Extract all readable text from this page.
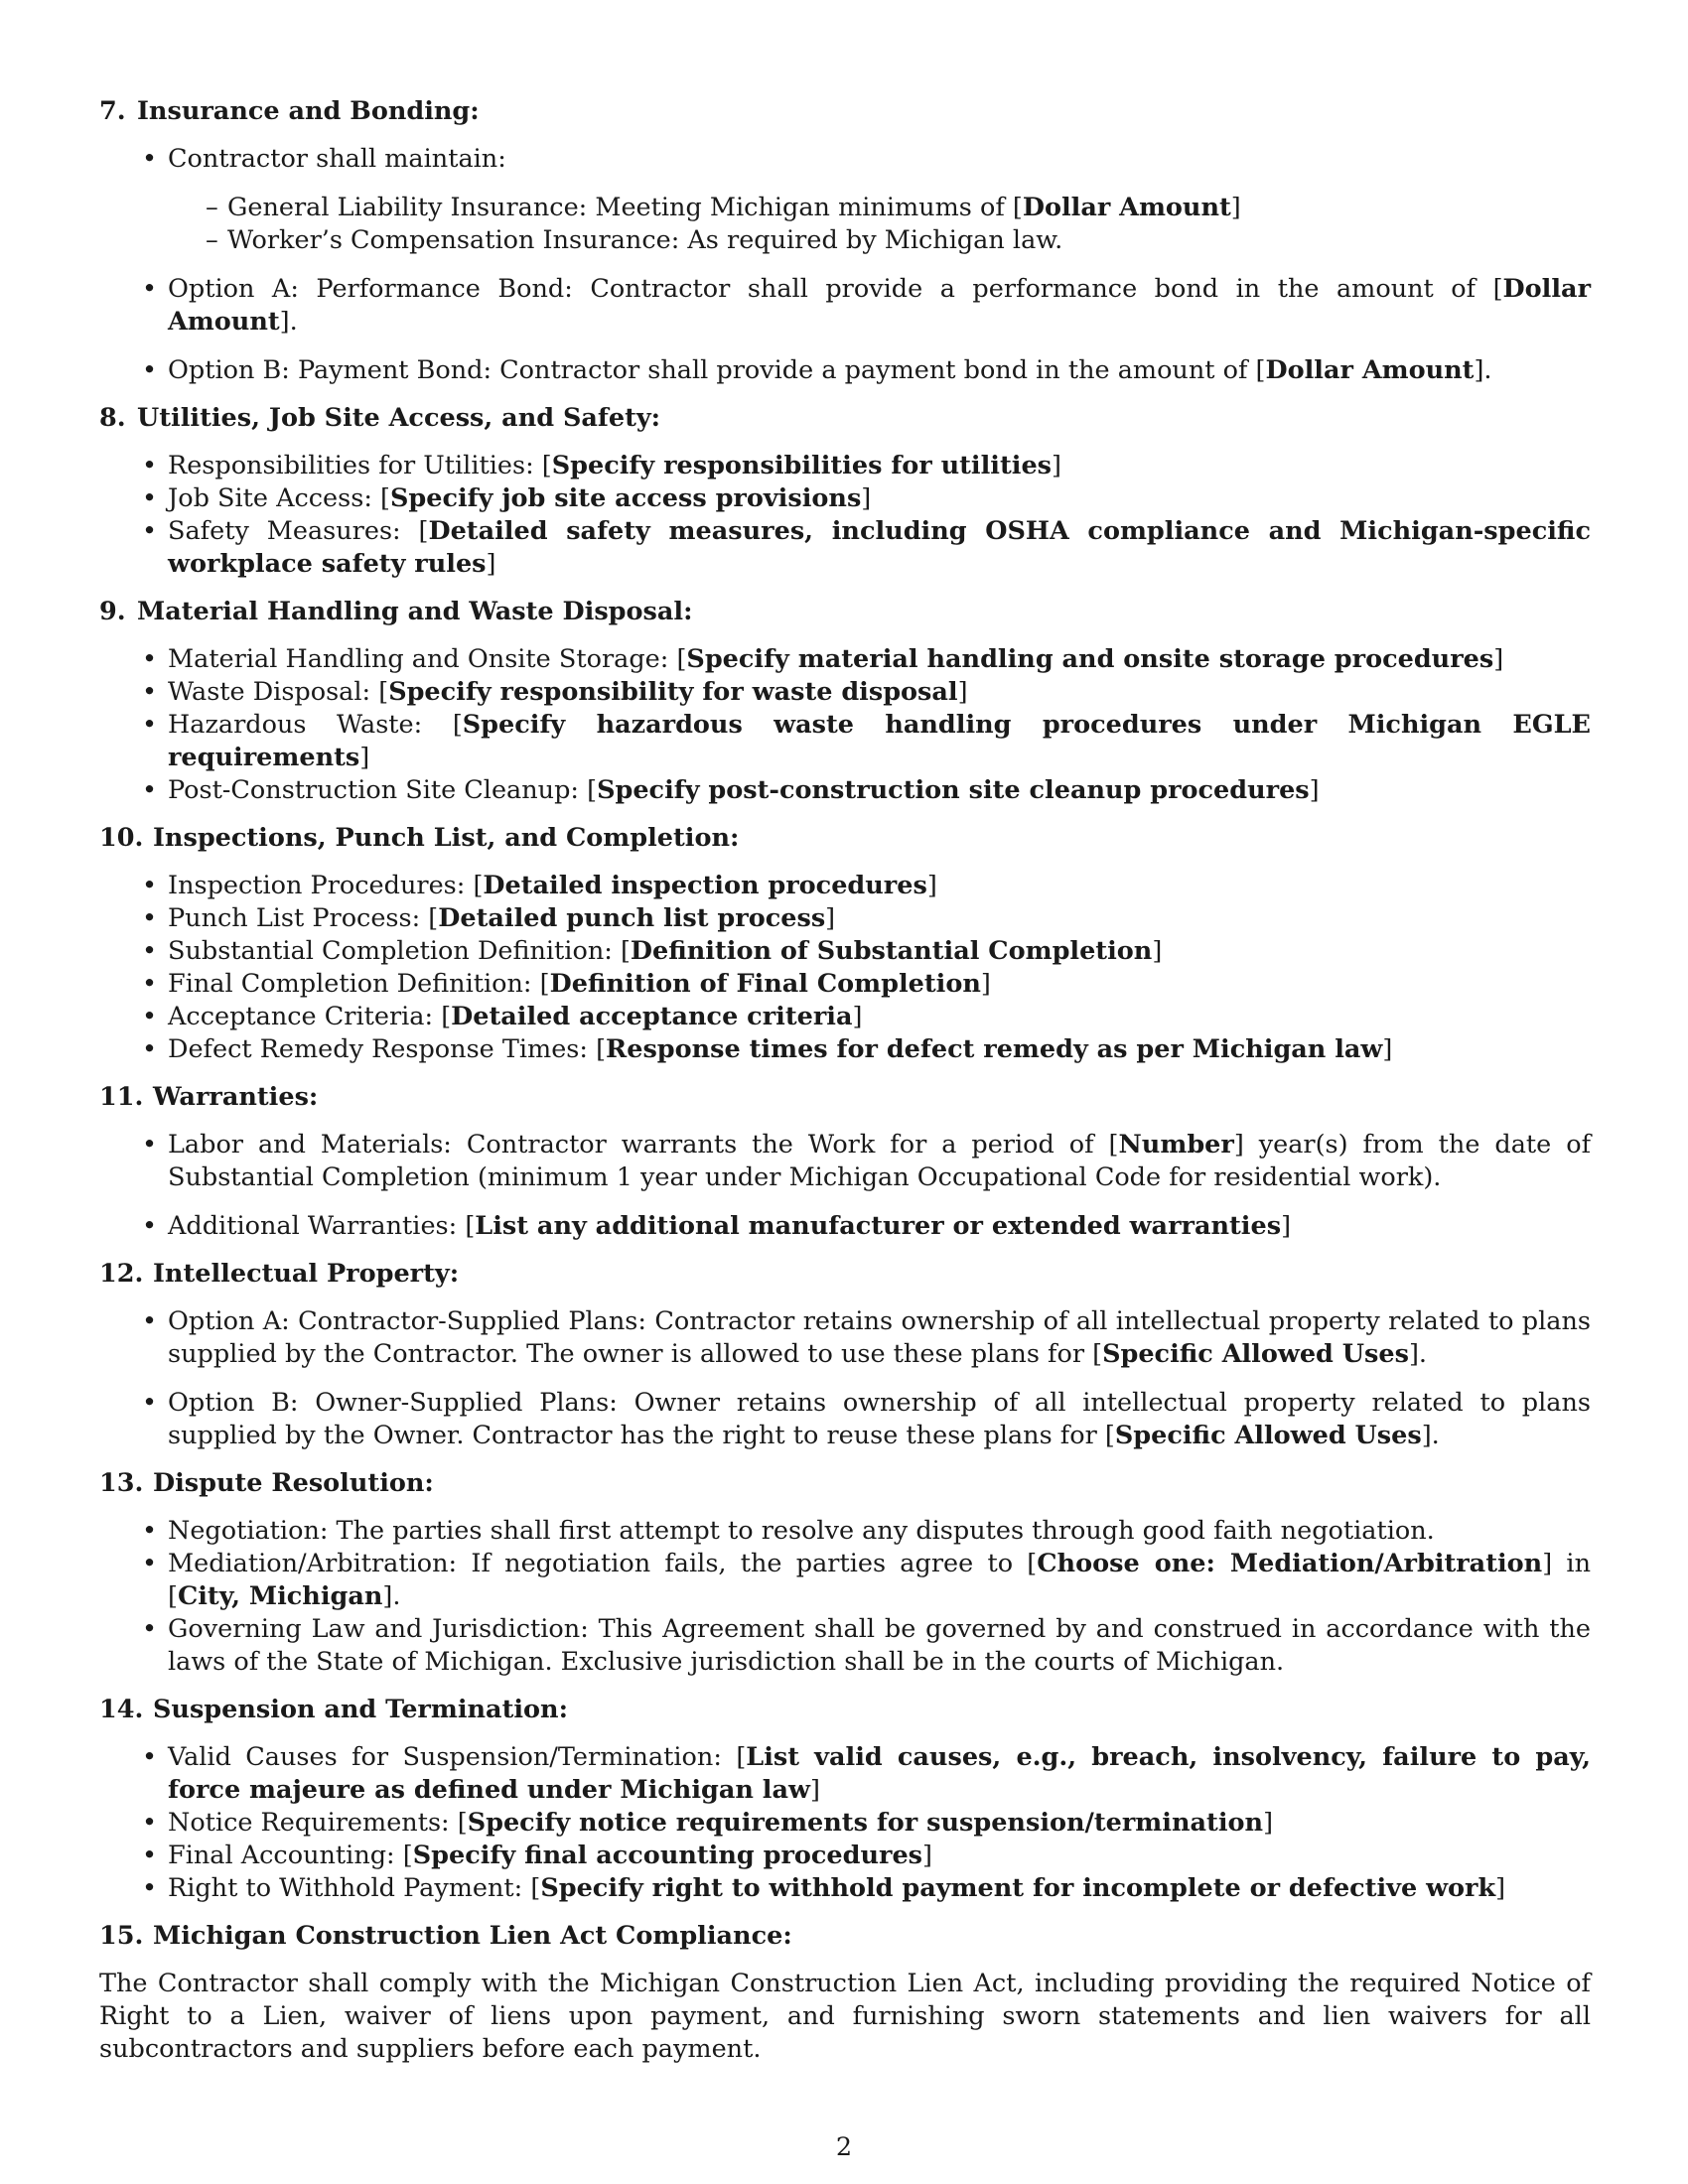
7. Insurance and Bonding:
• Contractor shall maintain:
– General Liability Insurance: Meeting Michigan minimums of [Dollar Amount]
– Worker’s Compensation Insurance: As required by Michigan law.
• Option A: Performance Bond: Contractor shall provide a performance bond in the amount of [Dollar Amount].
• Option B: Payment Bond: Contractor shall provide a payment bond in the amount of [Dollar Amount].
8. Utilities, Job Site Access, and Safety:
• Responsibilities for Utilities: [Specify responsibilities for utilities]
• Job Site Access: [Specify job site access provisions]
• Safety Measures: [Detailed safety measures, including OSHA compliance and Michigan-specific workplace safety rules]
9. Material Handling and Waste Disposal:
• Material Handling and Onsite Storage: [Specify material handling and onsite storage procedures]
• Waste Disposal: [Specify responsibility for waste disposal]
• Hazardous Waste: [Specify hazardous waste handling procedures under Michigan EGLE requirements]
• Post-Construction Site Cleanup: [Specify post-construction site cleanup procedures]
10. Inspections, Punch List, and Completion:
• Inspection Procedures: [Detailed inspection procedures]
• Punch List Process: [Detailed punch list process]
• Substantial Completion Definition: [Definition of Substantial Completion]
• Final Completion Definition: [Definition of Final Completion]
• Acceptance Criteria: [Detailed acceptance criteria]
• Defect Remedy Response Times: [Response times for defect remedy as per Michigan law]
11. Warranties:
• Labor and Materials: Contractor warrants the Work for a period of [Number] year(s) from the date of Substantial Completion (minimum 1 year under Michigan Occupational Code for residential work).
• Additional Warranties: [List any additional manufacturer or extended warranties]
12. Intellectual Property:
• Option A: Contractor-Supplied Plans: Contractor retains ownership of all intellectual property related to plans supplied by the Contractor. The owner is allowed to use these plans for [Specific Allowed Uses].
• Option B: Owner-Supplied Plans: Owner retains ownership of all intellectual property related to plans supplied by the Owner. Contractor has the right to reuse these plans for [Specific Allowed Uses].
13. Dispute Resolution:
• Negotiation: The parties shall first attempt to resolve any disputes through good faith negotiation.
• Mediation/Arbitration: If negotiation fails, the parties agree to [Choose one: Mediation/Arbitration] in [City, Michigan].
• Governing Law and Jurisdiction: This Agreement shall be governed by and construed in accordance with the laws of the State of Michigan. Exclusive jurisdiction shall be in the courts of Michigan.
14. Suspension and Termination:
• Valid Causes for Suspension/Termination: [List valid causes, e.g., breach, insolvency, failure to pay, force majeure as defined under Michigan law]
• Notice Requirements: [Specify notice requirements for suspension/termination]
• Final Accounting: [Specify final accounting procedures]
• Right to Withhold Payment: [Specify right to withhold payment for incomplete or defective work]
15. Michigan Construction Lien Act Compliance:

The Contractor shall comply with the Michigan Construction Lien Act, including providing the required Notice of Right to a Lien, waiver of liens upon payment, and furnishing sworn statements and lien waivers for all subcontractors and suppliers before each payment.

2
